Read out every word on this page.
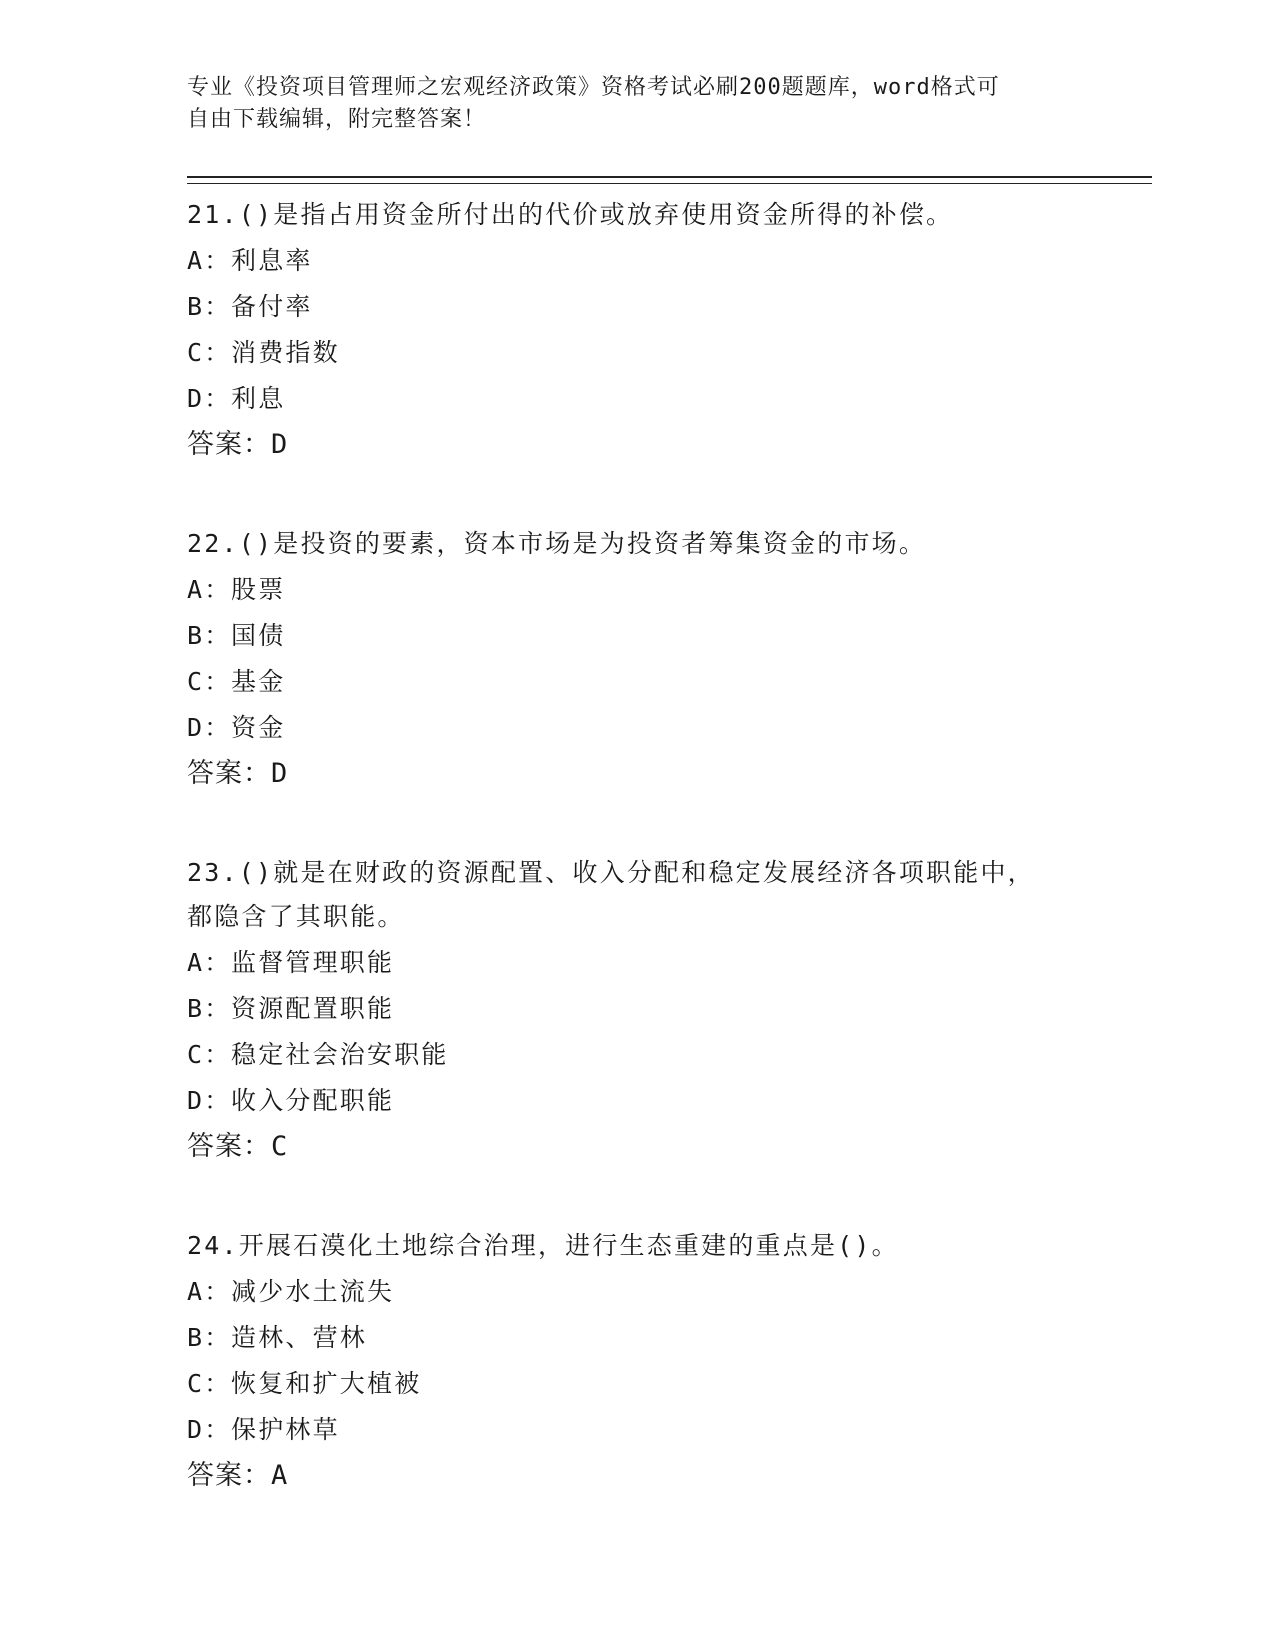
专业《投资项目管理师之宏观经济政策》资格考试必刷200题题库，word格式可
自由下载编辑，附完整答案！
21.()是指占用资金所付出的代价或放弃使用资金所得的补偿。
A：利息率
B：备付率
C：消费指数
D：利息
答案：D
22.()是投资的要素，资本市场是为投资者筹集资金的市场。
A：股票
B：国债
C：基金
D：资金
答案：D
23.()就是在财政的资源配置、收入分配和稳定发展经济各项职能中，
都隐含了其职能。
A：监督管理职能
B：资源配置职能
C：稳定社会治安职能
D：收入分配职能
答案：C
24.开展石漠化土地综合治理，进行生态重建的重点是()。
A：减少水土流失
B：造林、营林
C：恢复和扩大植被
D：保护林草
答案：A
